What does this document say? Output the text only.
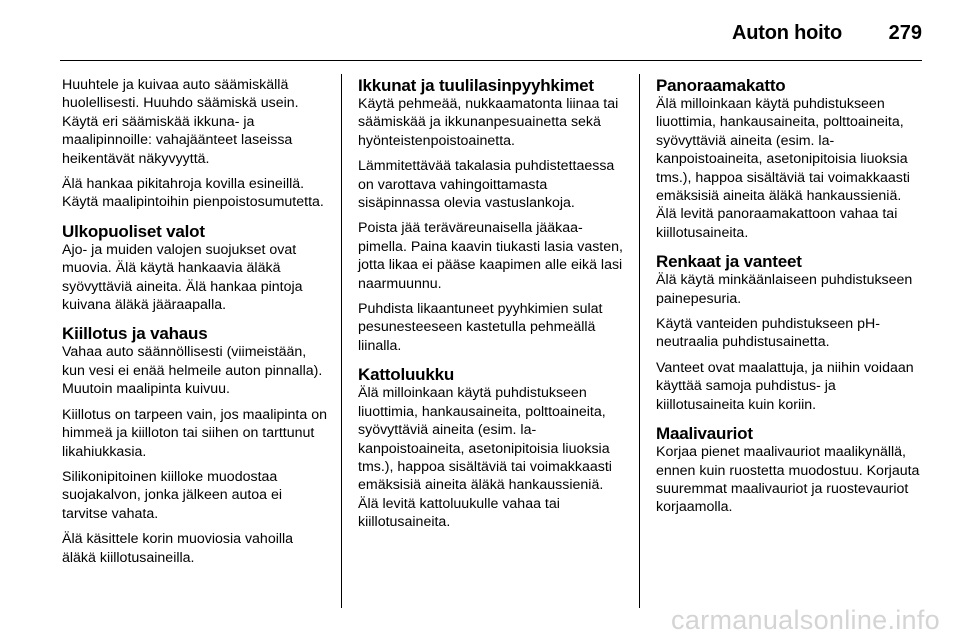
Auton hoito 279

Huuhtele ja kuivaa auto säämiskällä huolellisesti. Huuhdo säämiskä usein. Käytä eri säämiskää ikkuna- ja maalipinnoille: vahajäänteet laseissa heikentävät näkyvyyttä.

Älä hankaa pikitahroja kovilla esineillä. Käytä maalipintoihin pienpoistosumutetta.

Ulkopuoliset valot

Ajo- ja muiden valojen suojukset ovat muovia. Älä käytä hankaavia äläkä syövyttäviä aineita. Älä hankaa pintoja kuivana äläkä jääraapalla.

Kiillotus ja vahaus

Vahaa auto säännöllisesti (viimeistään, kun vesi ei enää helmeile auton pinnalla). Muutoin maalipinta kuivuu.

Kiillotus on tarpeen vain, jos maalipinta on himmeä ja kiilloton tai siihen on tarttunut likahiukkasia.

Silikonipitoinen kiilloke muodostaa suojakalvon, jonka jälkeen autoa ei tarvitse vahata.

Älä käsittele korin muoviosia vahoilla äläkä kiillotusaineilla.

Ikkunat ja tuulilasinpyyhkimet

Käytä pehmeää, nukkaamatonta liinaa tai säämiskää ja ikkunanpesuainetta sekä hyönteistenpoistoainetta.

Lämmitettävää takalasia puhdistettaessa on varottava vahingoittamasta sisäpinnassa olevia vastuslankoja.

Poista jää teräväreunaisella jääkaapimella. Paina kaavin tiukasti lasia vasten, jotta likaa ei pääse kaapimen alle eikä lasi naarmuunnu.

Puhdista likaantuneet pyyhkimien sulat pesunesteeseen kastetulla pehmeällä liinalla.

Kattoluukku

Älä milloinkaan käytä puhdistukseen liuottimia, hankausaineita, polttoaineita, syövyttäviä aineita (esim. lakanpoistoaineita, asetonipitoisia liuoksia tms.), happoa sisältäviä tai voimakkaasti emäksisiä aineita äläkä hankaussieniä. Älä levitä kattoluukulle vahaa tai kiillotusaineita.

Panoraamakatto

Älä milloinkaan käytä puhdistukseen liuottimia, hankausaineita, polttoaineita, syövyttäviä aineita (esim. lakanpoistoaineita, asetonipitoisia liuoksia tms.), happoa sisältäviä tai voimakkaasti emäksisiä aineita äläkä hankaussieniä. Älä levitä panoraamakattoon vahaa tai kiillotusaineita.

Renkaat ja vanteet

Älä käytä minkäänlaiseen puhdistukseen painepesuria.

Käytä vanteiden puhdistukseen pH-neutraalia puhdistusainetta.

Vanteet ovat maalattuja, ja niihin voidaan käyttää samoja puhdistus- ja kiillotusaineita kuin koriin.

Maalivauriot

Korjaa pienet maalivauriot maalikynällä, ennen kuin ruostetta muodostuu. Korjauta suuremmat maalivauriot ja ruostevauriot korjaamolla.

carmanualsonline.info
